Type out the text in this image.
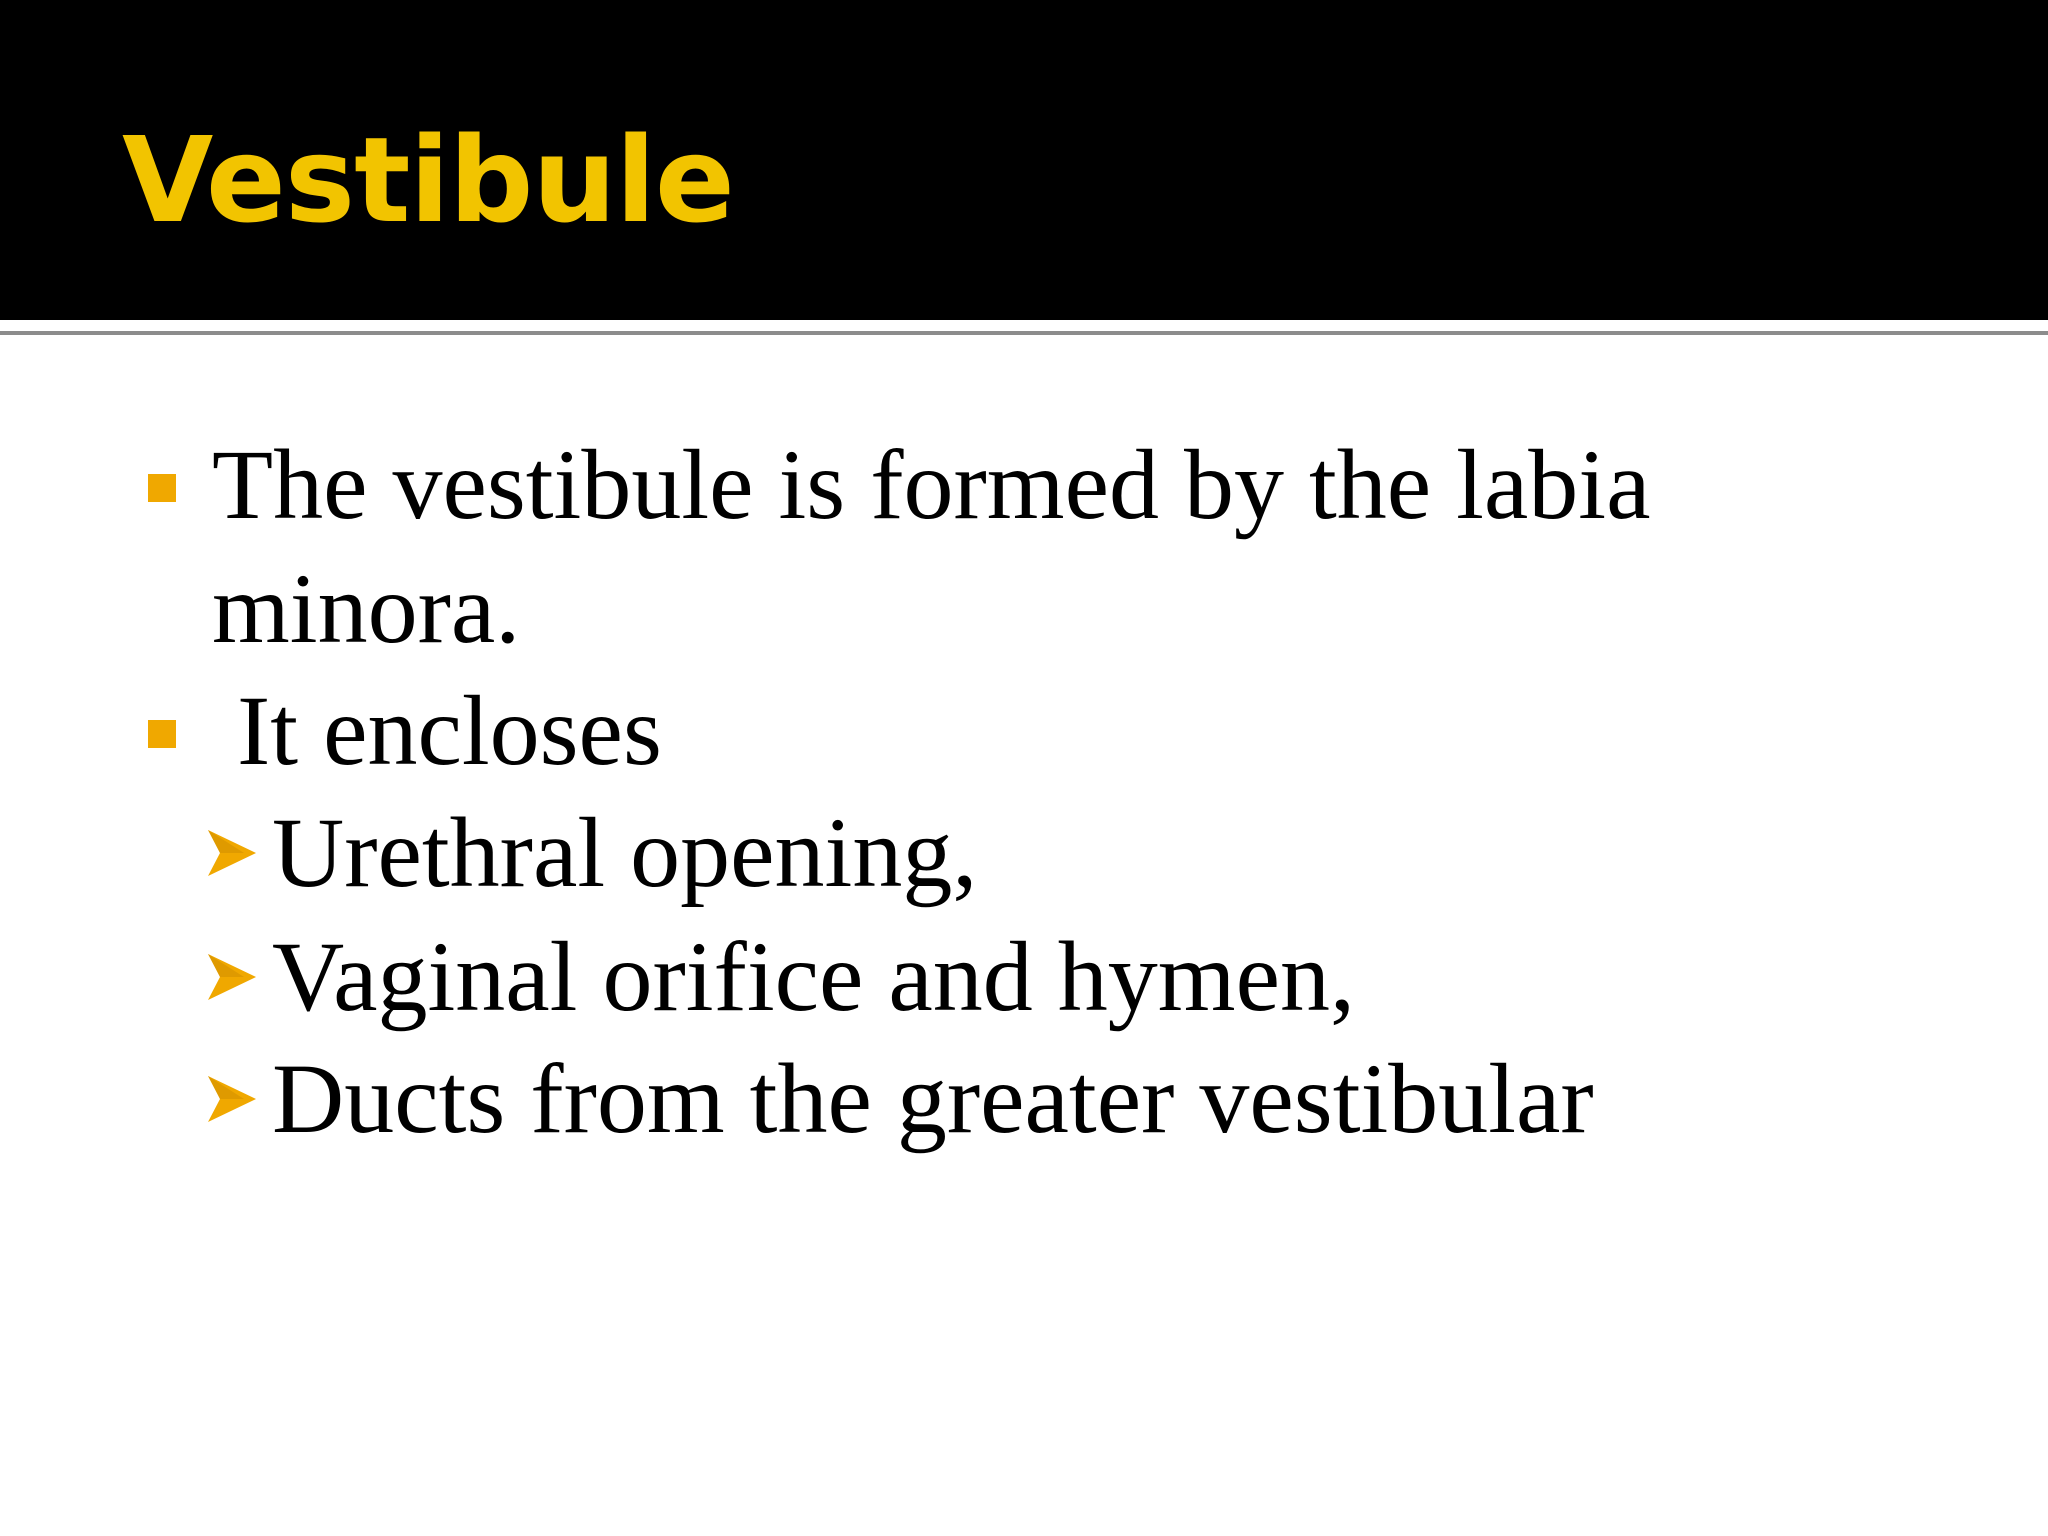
Vestibule

The vestibule is formed by the labia

minora.

It encloses

Urethral opening,

Vaginal orifice and hymen,

Ducts from the greater vestibular
